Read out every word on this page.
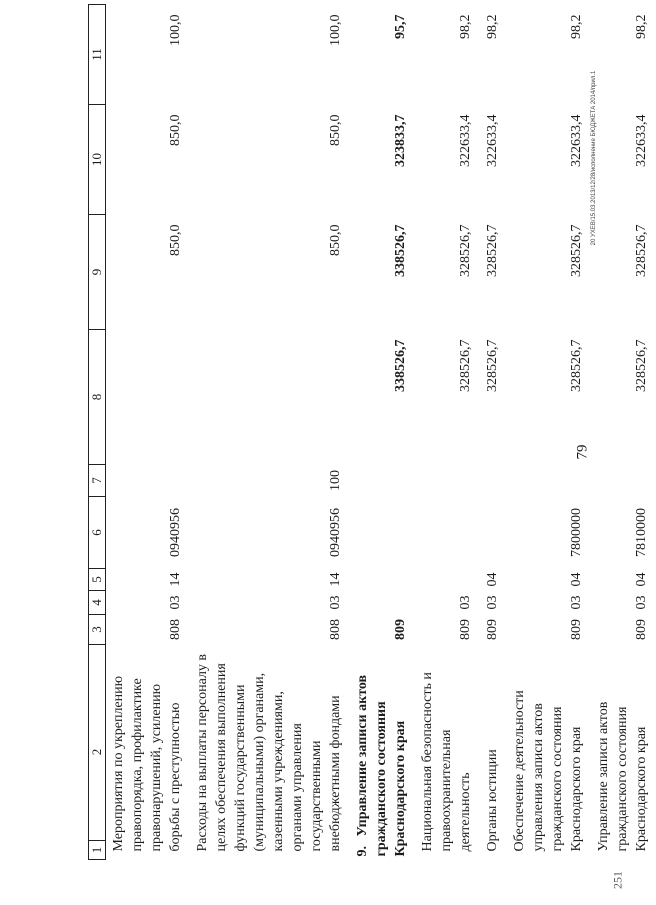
79
251
20 УХЕВ/15.03.2013/12/28/исполнение БЮДЖЕТА 2014/прил.1
1
2	3	4	5	6	7	8	9	10	11
Мероприятия по укреплению правопорядка, профилактике правонарушений, усилению борьбы с преступностью	808	03	14	0940956			850,0	850,0	100,0
Расходы на выплаты персоналу в целях обеспечения выполнения функций государственными (муниципальными) органами, казенными учреждениями, органами управления государственными внебюджетными фондами	808	03	14	0940956	100		850,0	850,0	100,0
9.Управление записи актов гражданского состояния Краснодарского края	809					338526,7	338526,7	323833,7	95,7
Национальная безопасность и правоохранительная деятельность	809	03				328526,7	328526,7	322633,4	98,2
Органы юстиции	809	03	04			328526,7	328526,7	322633,4	98,2
Обеспечение деятельности управления записи актов гражданского состояния Краснодарского края	809	03	04	7800000		328526,7	328526,7	322633,4	98,2
Управление записи актов гражданского состояния Краснодарского края	809	03	04	7810000		328526,7	328526,7	322633,4	98,2
